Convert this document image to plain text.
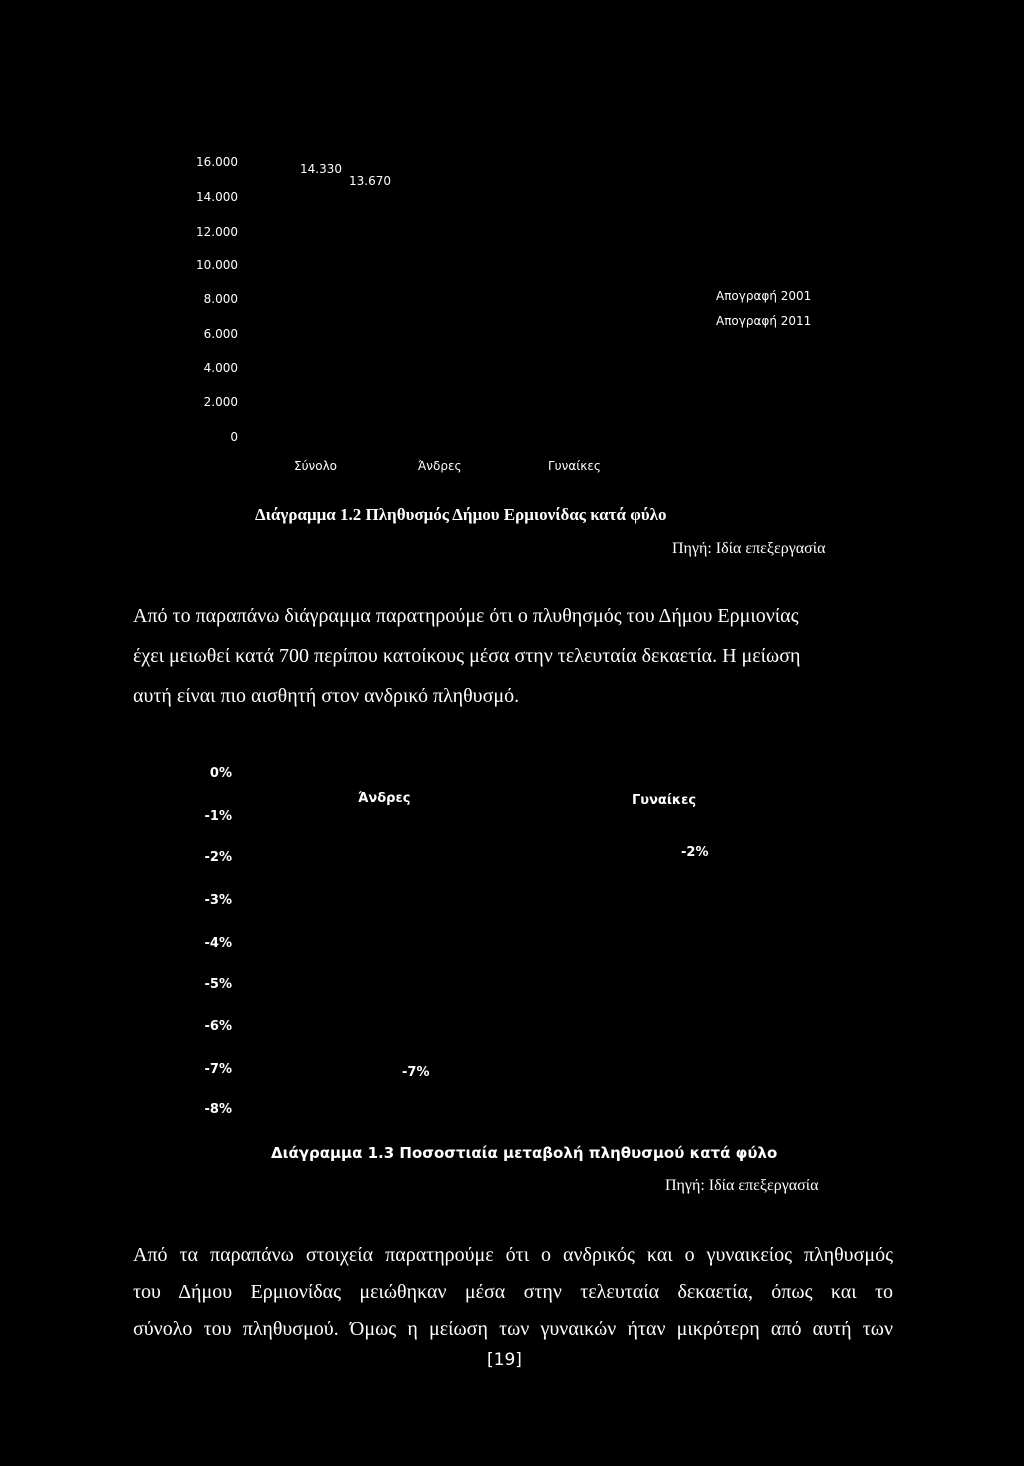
16.000
14.000
12.000
10.000
8.000
6.000
4.000
2.000
0
Σύνολο	Άνδρες	Γυναίκες
14.330
13.670
Απογραφή 2001
Απογραφή 2011
Διάγραμμα 1.2 Πληθυσμός Δήμου Ερμιονίδας κατά φύλο
Πηγή: Ιδία επεξεργασία
Από το παραπάνω διάγραμμα παρατηρούμε ότι ο πλυθησμός του Δήμου Ερμιονίας
έχει μειωθεί κατά 700 περίπου κατοίκους μέσα στην τελευταία δεκαετία. Η μείωση
αυτή είναι πιο αισθητή στον ανδρικό πληθυσμό.
0%
-1%
-2%
-3%
-4%
-5%
-6%
-7%
-8%
Άνδρες	Γυναίκες
-2%
-7%
Διάγραμμα 1.3 Ποσοστιαία μεταβολή πληθυσμού κατά φύλο
Πηγή: Ιδία επεξεργασία
Από τα παραπάνω στοιχεία παρατηρούμε ότι ο ανδρικός και ο γυναικείος πληθυσμός
του Δήμου Ερμιονίδας μειώθηκαν μέσα στην τελευταία δεκαετία, όπως και το
σύνολο του πληθυσμού. Όμως η μείωση των γυναικών ήταν μικρότερη από αυτή των
[19]
